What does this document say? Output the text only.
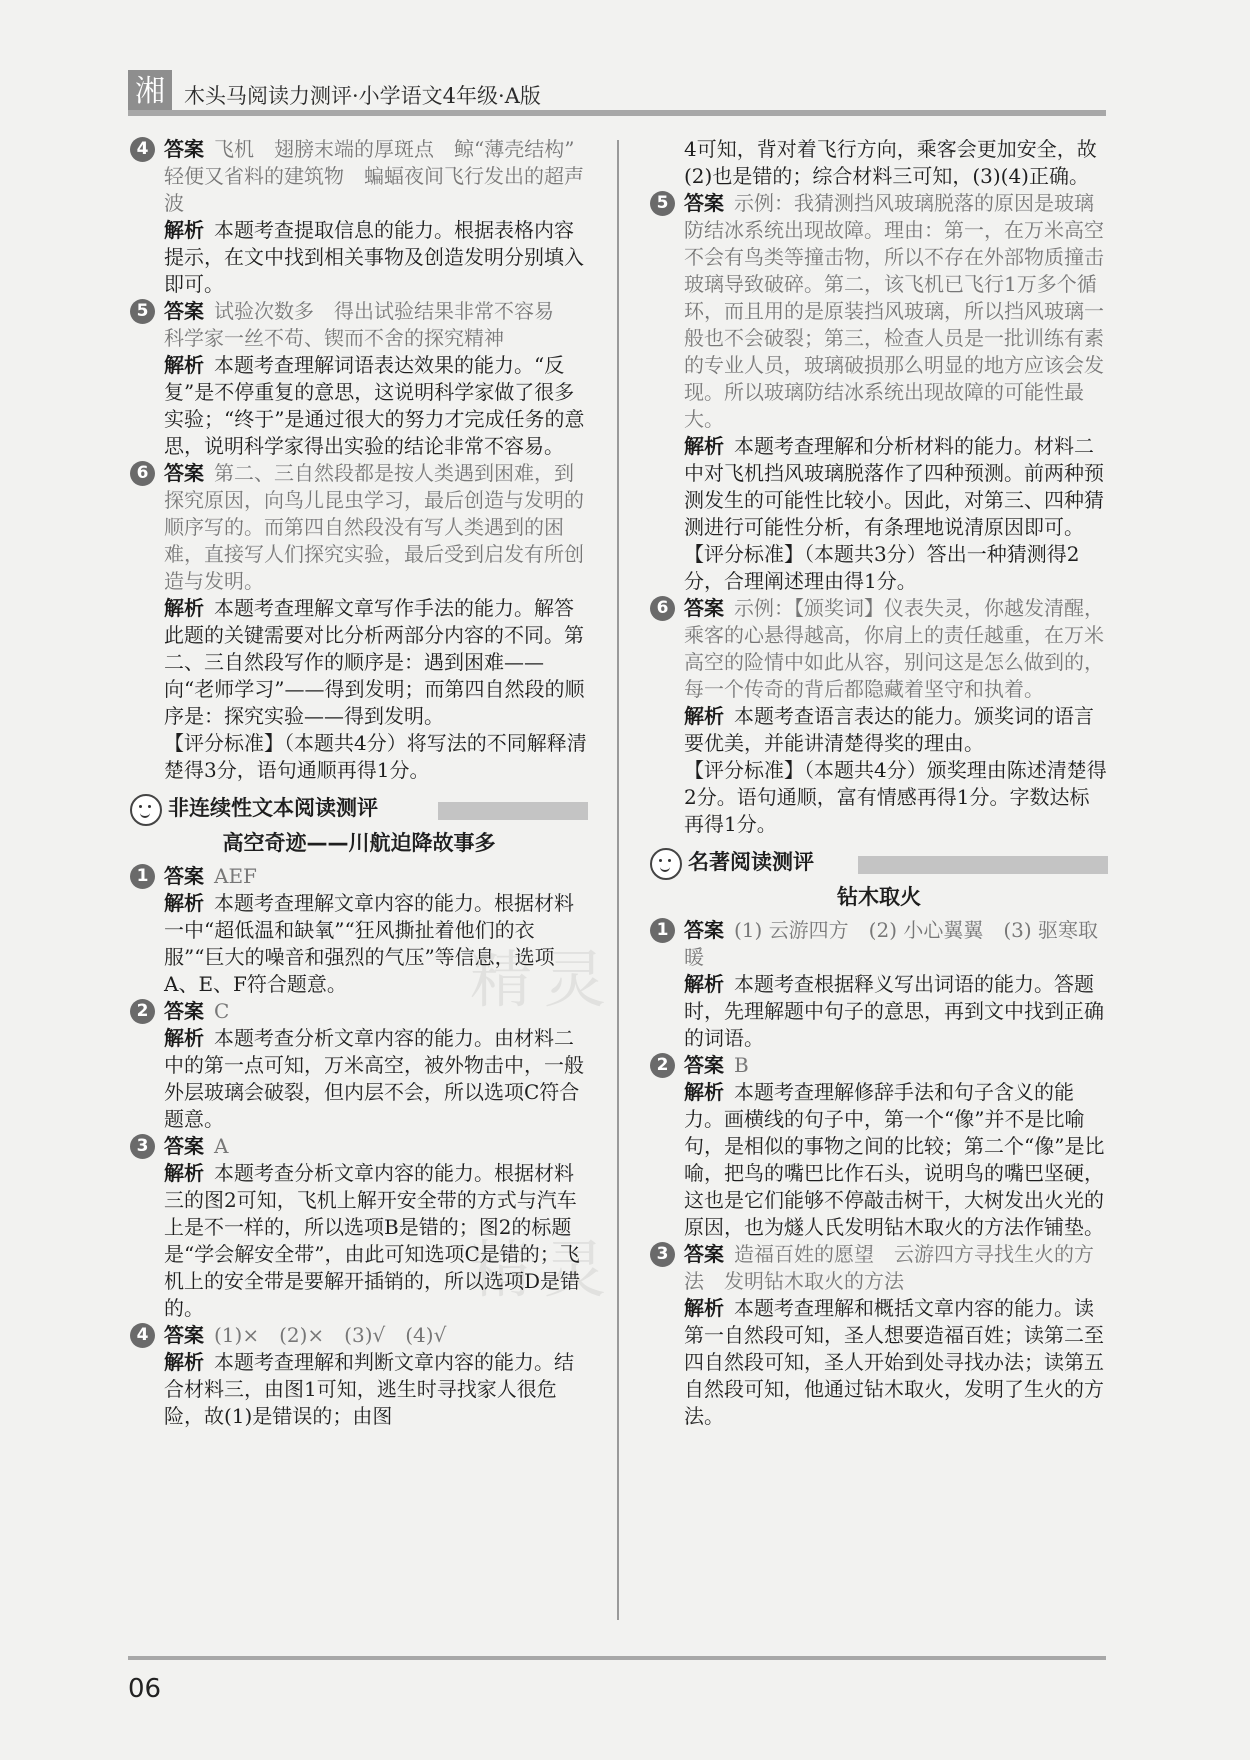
湘 木头马阅读力测评·小学语文4年级·A版
精灵
精灵
4 答案 飞机　翅膀末端的厚斑点　鲸“薄壳结构”　轻便又省料的建筑物　蝙蝠夜间飞行发出的超声波

解析 本题考查提取信息的能力。根据表格内容提示，在文中找到相关事物及创造发明分别填入即可。

5 答案 试验次数多　得出试验结果非常不容易　科学家一丝不苟、锲而不舍的探究精神

解析 本题考查理解词语表达效果的能力。“反复”是不停重复的意思，这说明科学家做了很多实验；“终于”是通过很大的努力才完成任务的意思，说明科学家得出实验的结论非常不容易。

6 答案 第二、三自然段都是按人类遇到困难，到探究原因，向鸟儿昆虫学习，最后创造与发明的顺序写的。而第四自然段没有写人类遇到的困难，直接写人们探究实验，最后受到启发有所创造与发明。

解析 本题考查理解文章写作手法的能力。解答此题的关键需要对比分析两部分内容的不同。第二、三自然段写作的顺序是：遇到困难——向“老师学习”——得到发明；而第四自然段的顺序是：探究实验——得到发明。

【评分标准】（本题共4分）将写法的不同解释清楚得3分，语句通顺再得1分。

非连续性文本阅读测评
高空奇迹——川航迫降故事多
1 答案 AEF

解析 本题考查理解文章内容的能力。根据材料一中“超低温和缺氧”“狂风撕扯着他们的衣服”“巨大的噪音和强烈的气压”等信息，选项A、E、F符合题意。

2 答案 C

解析 本题考查分析文章内容的能力。由材料二中的第一点可知，万米高空，被外物击中，一般外层玻璃会破裂，但内层不会，所以选项C符合题意。

3 答案 A

解析 本题考查分析文章内容的能力。根据材料三的图2可知，飞机上解开安全带的方式与汽车上是不一样的，所以选项B是错的；图2的标题是“学会解安全带”，由此可知选项C是错的；飞机上的安全带是要解开插销的，所以选项D是错的。

4 答案 (1)×　(2)×　(3)√　(4)√

解析 本题考查理解和判断文章内容的能力。结合材料三，由图1可知，逃生时寻找家人很危险，故(1)是错误的；由图

4可知，背对着飞行方向，乘客会更加安全，故(2)也是错的；综合材料三可知，(3)(4)正确。

5 答案 示例：我猜测挡风玻璃脱落的原因是玻璃防结冰系统出现故障。理由：第一，在万米高空不会有鸟类等撞击物，所以不存在外部物质撞击玻璃导致破碎。第二，该飞机已飞行1万多个循环，而且用的是原装挡风玻璃，所以挡风玻璃一般也不会破裂；第三，检查人员是一批训练有素的专业人员，玻璃破损那么明显的地方应该会发现。所以玻璃防结冰系统出现故障的可能性最大。

解析 本题考查理解和分析材料的能力。材料二中对飞机挡风玻璃脱落作了四种预测。前两种预测发生的可能性比较小。因此，对第三、四种猜测进行可能性分析，有条理地说清原因即可。

【评分标准】（本题共3分）答出一种猜测得2分，合理阐述理由得1分。

6 答案 示例：【颁奖词】仪表失灵，你越发清醒，乘客的心悬得越高，你肩上的责任越重，在万米高空的险情中如此从容，别问这是怎么做到的，每一个传奇的背后都隐藏着坚守和执着。

解析 本题考查语言表达的能力。颁奖词的语言要优美，并能讲清楚得奖的理由。

【评分标准】（本题共4分）颁奖理由陈述清楚得2分。语句通顺，富有情感再得1分。字数达标再得1分。

名著阅读测评
钻木取火
1 答案 (1) 云游四方　(2) 小心翼翼　(3) 驱寒取暖

解析 本题考查根据释义写出词语的能力。答题时，先理解题中句子的意思，再到文中找到正确的词语。

2 答案 B

解析 本题考查理解修辞手法和句子含义的能力。画横线的句子中，第一个“像”并不是比喻句，是相似的事物之间的比较；第二个“像”是比喻，把鸟的嘴巴比作石头，说明鸟的嘴巴坚硬，这也是它们能够不停敲击树干，大树发出火光的原因，也为燧人氏发明钻木取火的方法作铺垫。

3 答案 造福百姓的愿望　云游四方寻找生火的方法　发明钻木取火的方法

解析 本题考查理解和概括文章内容的能力。读第一自然段可知，圣人想要造福百姓；读第二至四自然段可知，圣人开始到处寻找办法；读第五自然段可知，他通过钻木取火，发明了生火的方法。

06
